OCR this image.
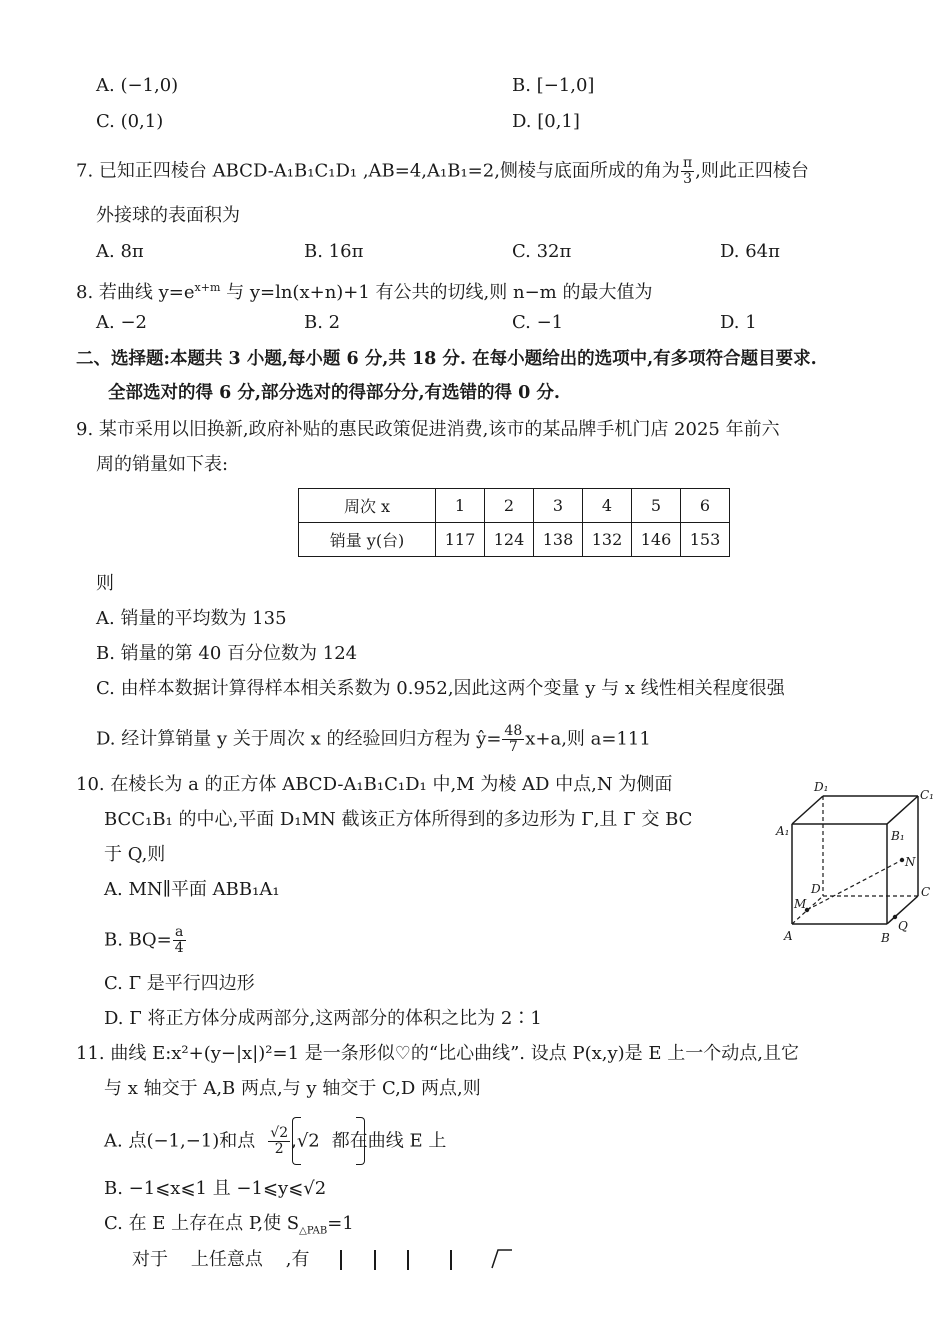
A. (−1,0)	B. [−1,0]
C. (0,1)	D. [0,1]
7. 已知正四棱台 ABCD-A₁B₁C₁D₁ ,AB=4,A₁B₁=2,侧棱与底面所成的角为 $\frac{\pi}{3}$ ,则此正四棱台
外接球的表面积为
A. 8π	B. 16π	C. 32π	D. 64π
8. 若曲线 $y=e^{x+m}$ 与 y=ln(x+n)+1 有公共的切线,则 n−m 的最大值为
A. −2	B. 2	C. −1	D. 1
二、选择题:本题共 3 小题,每小题 6 分,共 18 分. 在每小题给出的选项中,有多项符合题目要求.
全部选对的得 6 分,部分选对的得部分分,有选错的得 0 分.
9. 某市采用以旧换新,政府补贴的惠民政策促进消费,该市的某品牌手机门店 2025 年前六
周的销量如下表:
周次 x	1	2	3	4	5	6
销量 y(台)	117	124	138	132	146	153
则
A. 销量的平均数为 135
B. 销量的第 40 百分位数为 124
C. 由样本数据计算得样本相关系数为 0.952,因此这两个变量 y 与 x 线性相关程度很强
D. 经计算销量 y 关于周次 x 的经验回归方程为 ŷ= $\frac{48}{7} x+a$,则 a=111
10. 在棱长为 a 的正方体 ABCD-A₁B₁C₁D₁ 中,M 为棱 AD 中点,N 为侧面
BCC₁B₁ 的中心,平面 D₁MN 截该正方体所得到的多边形为 Γ,且 Γ 交 BC
于 Q,则
A. MN∥平面 ABB₁A₁
B. $BQ= \frac{a}{4}$
C. Γ 是平行四边形
D. Γ 将正方体分成两部分,这两部分的体积之比为 2∶1
D₁
C₁
A₁	B₁
N
D	C
M
A	B
Q
11. 曲线 E:x²+(y−|x|)²=1 是一条形似♡的“比心曲线”. 设点 P(x,y)是 E 上一个动点,且它
与 x 轴交于 A,B 两点,与 y 轴交于 C,D 两点,则
A. 点(−1,−1)和点 $\frac{√2}{2} ,√2$ 都在曲线 E 上
B. −1⩽x⩽1 且 −1⩽y⩽√2
C. 在 E 上存在点 P,使 $S_{\triangle PAB}=1$
对于    上任意点    ,有
